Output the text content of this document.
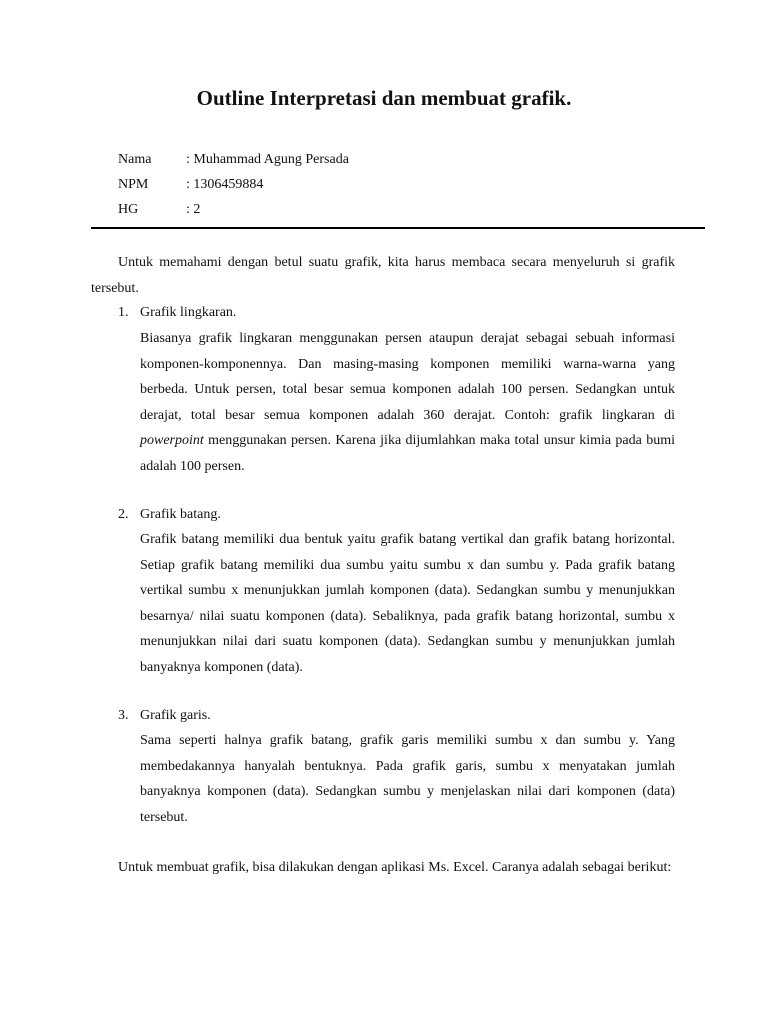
Outline Interpretasi dan membuat grafik.
Nama : Muhammad Agung Persada
NPM	: 1306459884
HG	: 2

Untuk memahami dengan betul suatu grafik, kita harus membaca secara menyeluruh si grafik tersebut.

1. Grafik lingkaran.

Biasanya grafik lingkaran menggunakan persen ataupun derajat sebagai sebuah informasi komponen-komponennya. Dan masing-masing komponen memiliki warna-warna yang berbeda. Untuk persen, total besar semua komponen adalah 100 persen. Sedangkan untuk derajat, total besar semua komponen adalah 360 derajat. Contoh: grafik lingkaran di powerpoint menggunakan persen. Karena jika dijumlahkan maka total unsur kimia pada bumi adalah 100 persen.

2. Grafik batang.

Grafik batang memiliki dua bentuk yaitu grafik batang vertikal dan grafik batang horizontal. Setiap grafik batang memiliki dua sumbu yaitu sumbu x dan sumbu y. Pada grafik batang vertikal sumbu x menunjukkan jumlah komponen (data). Sedangkan sumbu y menunjukkan besarnya/ nilai suatu komponen (data). Sebaliknya, pada grafik batang horizontal, sumbu x menunjukkan nilai dari suatu komponen (data). Sedangkan sumbu y menunjukkan jumlah banyaknya komponen (data).

3. Grafik garis.

Sama seperti halnya grafik batang, grafik garis memiliki sumbu x dan sumbu y. Yang membedakannya hanyalah bentuknya. Pada grafik garis, sumbu x menyatakan jumlah banyaknya komponen (data). Sedangkan sumbu y menjelaskan nilai dari komponen (data) tersebut.

Untuk membuat grafik, bisa dilakukan dengan aplikasi Ms. Excel. Caranya adalah sebagai berikut:
